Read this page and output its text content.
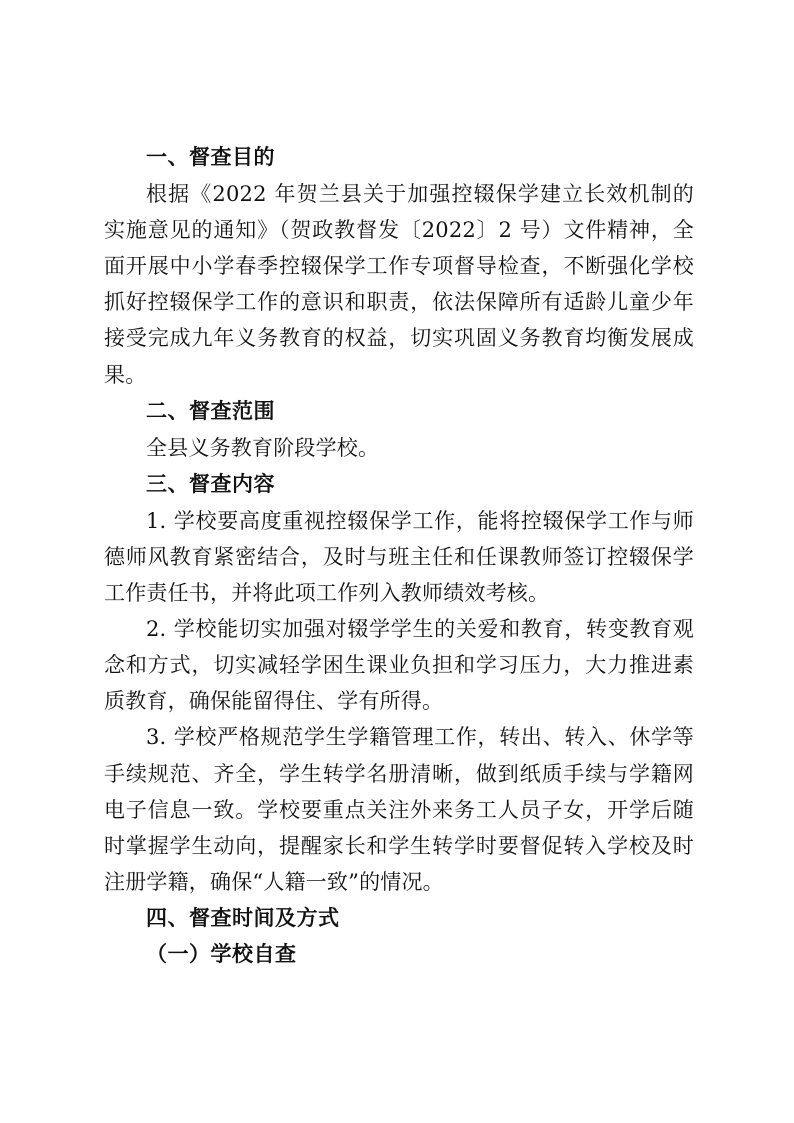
一、督查目的

根据《2022 年贺兰县关于加强控辍保学建立长效机制的实施意见的通知》（贺政教督发〔2022〕2 号）文件精神，全面开展中小学春季控辍保学工作专项督导检查，不断强化学校抓好控辍保学工作的意识和职责，依法保障所有适龄儿童少年接受完成九年义务教育的权益，切实巩固义务教育均衡发展成果。

二、督查范围

全县义务教育阶段学校。

三、督查内容

1. 学校要高度重视控辍保学工作，能将控辍保学工作与师德师风教育紧密结合，及时与班主任和任课教师签订控辍保学工作责任书，并将此项工作列入教师绩效考核。

2. 学校能切实加强对辍学学生的关爱和教育，转变教育观念和方式，切实减轻学困生课业负担和学习压力，大力推进素质教育，确保能留得住、学有所得。

3. 学校严格规范学生学籍管理工作，转出、转入、休学等手续规范、齐全，学生转学名册清晰，做到纸质手续与学籍网电子信息一致。学校要重点关注外来务工人员子女，开学后随时掌握学生动向，提醒家长和学生转学时要督促转入学校及时注册学籍，确保“人籍一致”的情况。

四、督查时间及方式

（一）学校自查
